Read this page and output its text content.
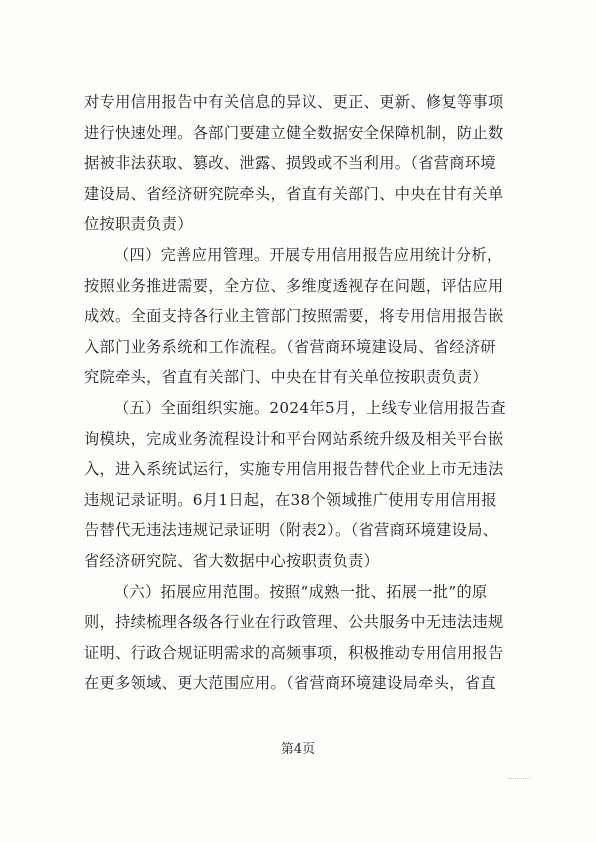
对专用信用报告中有关信息的异议、更正、更新、修复等事项
进行快速处理。各部门要建立健全数据安全保障机制，防止数
据被非法获取、篡改、泄露、损毁或不当利用。（省营商环境
建设局、省经济研究院牵头，省直有关部门、中央在甘有关单
位按职责负责）
（四）完善应用管理。开展专用信用报告应用统计分析，
按照业务推进需要，全方位、多维度透视存在问题，评估应用
成效。全面支持各行业主管部门按照需要，将专用信用报告嵌
入部门业务系统和工作流程。（省营商环境建设局、省经济研
究院牵头，省直有关部门、中央在甘有关单位按职责负责）
（五）全面组织实施。2024年5月，上线专业信用报告查
询模块，完成业务流程设计和平台网站系统升级及相关平台嵌
入，进入系统试运行，实施专用信用报告替代企业上市无违法
违规记录证明。6月1日起，在38个领域推广使用专用信用报
告替代无违法违规记录证明（附表2）。（省营商环境建设局、
省经济研究院、省大数据中心按职责负责）
（六）拓展应用范围。按照“成熟一批、拓展一批”的原
则，持续梳理各级各行业在行政管理、公共服务中无违法违规
证明、行政合规证明需求的高频事项，积极推动专用信用报告
在更多领域、更大范围应用。（省营商环境建设局牵头，省直
第4页
